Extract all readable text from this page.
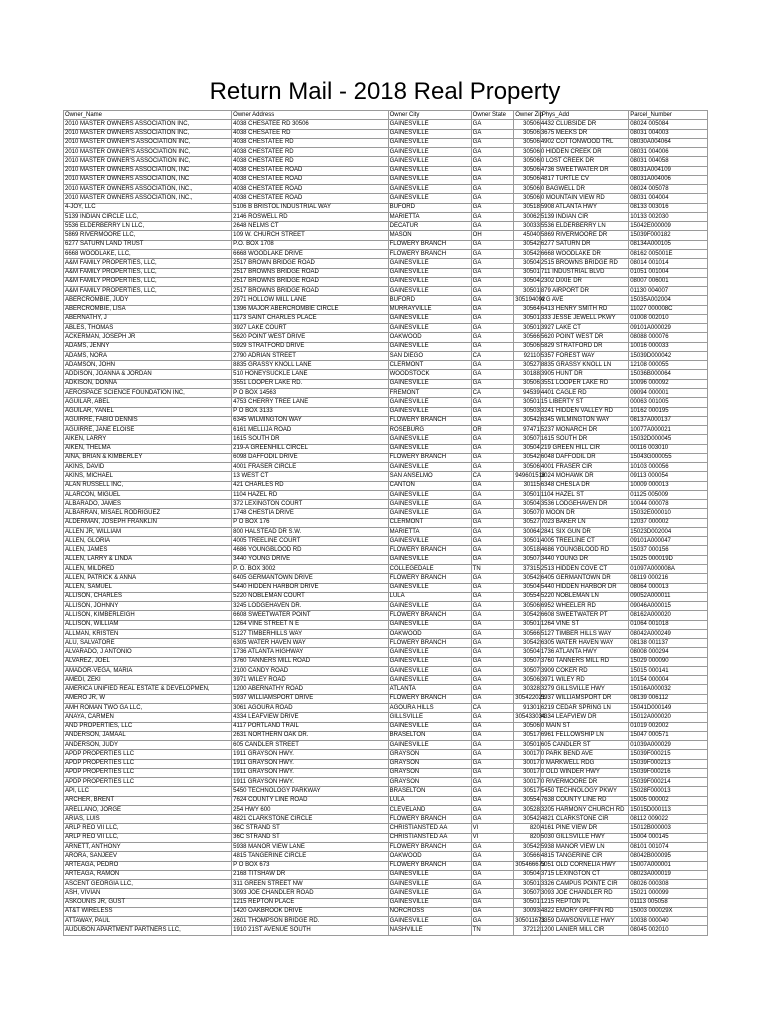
Return Mail - 2018 Real Property
Owner_Name	Owner Address	Owner City	Owner State	Owner Zip	Phys_Add	Parcel_Number
2010 MASTER OWNERS ASSOCIATION INC,	4038 CHESATEE RD 30506	GAINESVILLE	GA	30506	4432 CLUBSIDE DR	08024 005084
2010 MASTER OWNERS ASSOCIATION INC,	4038 CHESATEE RD	GAINESVILLE	GA	30506	3675 MEEKS DR	08031 004003
2010 MASTER OWNER'S ASSOCIATION INC,	4038 CHESTATEE RD	GAINESVILLE	GA	30506	4902 COTTONWOOD TRL	08030A004064
2010 MASTER OWNER'S ASSOCIATION INC,	4038 CHESTATEE RD	GAINESVILLE	GA	30506	0 HIDDEN CREEK DR	08031 004006
2010 MASTER OWNER'S ASSOCIATION INC,	4038 CHESTATEE RD	GAINESVILLE	GA	30506	0 LOST CREEK DR	08031 004058
2010 MASTER OWNERS ASSOCIATION, INC	4038 CHESTATEE ROAD	GAINESVILLE	GA	30506	4736 SWEETWATER DR	08031A004109
2010 MASTER OWNERS ASSOCIATION, INC	4038 CHESTATEE ROAD	GAINESVILLE	GA	30506	4817 TURTLE CV	08031A004006
2010 MASTER OWNERS ASSOCIATION, INC.,	4038 CHESTATEE ROAD	GAINESVILLE	GA	30506	0 BAGWELL DR	08024 005078
2010 MASTER OWNERS ASSOCIATION, INC.,	4038 CHESTATEE ROAD	GAINESVILLE	GA	30506	0 MOUNTAIN VIEW RD	08031 004004
4-JOY, LLC	5106 B BRISTOL INDUSTRIAL WAY	BUFORD	GA	30518	5908 ATLANTA HWY	08133 003016
5139 INDIAN CIRCLE LLC,	2146 ROSWELL RD	MARIETTA	GA	30062	5139 INDIAN CIR	10133 002030
5536 ELDERBERRY LN LLC,	2648 NELMS CT	DECATUR	GA	30033	5536 ELDERBERRY LN	15042E000009
5869 RIVERMOORE LLC,	109 W. CHURCH STREET	MASON	OH	45040	5869 RIVERMOORE DR	15039F000182
6277 SATURN LAND TRUST	P.O. BOX 1708	FLOWERY BRANCH	GA	30542	6277 SATURN DR	08134A000105
6668 WOODLAKE, LLC,	6668 WOODLAKE DRIVE	FLOWERY BRANCH	GA	30542	6668 WOODLAKE DR	08162 005001E
A&M FAMILY PROPERTIES, LLC,	2517 BROWN BRIDGE ROAD	GAINESVILLE	GA	30504	2515 BROWNS BRIDGE RD	08014 001014
A&M FAMILY PROPERTIES, LLC,	2517 BROWNS BRIDGE ROAD	GAINESVILLE	GA	30501	711 INDUSTRIAL BLVD	01051 001004
A&M FAMILY PROPERTIES, LLC,	2517 BROWNS BRIDGE ROAD	GAINESVILLE	GA	30504	2302 DIXIE DR	08007 006001
A&M FAMILY PROPERTIES, LLC,	2517 BROWNS BRIDGE ROAD	GAINESVILLE	GA	30501	879 AIRPORT DR	01130 004007
ABERCROMBIE, JUDY	2971 HOLLOW MILL LANE	BUFORD	GA	305194092	4 G AVE	15035A002004
ABERCROMBIE, LISA	1396 MAJOR ABERCROMBIE CIRCLE	MURRAYVILLE	GA	30564	6413 HENRY SMITH RD	11027 000008C
ABERNATHY, J	1173 SAINT CHARLES PLACE	GAINESVILLE	GA	30501	333 JESSE JEWELL PKWY	01008 002010
ABLES, THOMAS	3927 LAKE COURT	GAINESVILLE	GA	30501	3927 LAKE CT	09101A000029
ACKERMAN, JOSEPH JR	5620 POINT WEST DRIVE	OAKWOOD	GA	30566	5620 POINT WEST DR	08088 000076
ADAMS, JENNY	5929 STRATFORD DRIVE	GAINESVILLE	GA	30506	5829 STRATFORD DR	10016 000033
ADAMS, NORA	2790 ADRIAN STREET	SAN DIEGO	CA	92110	5357 FOREST WAY	15039D000042
ADAMSON, JOHN	8835 GRASSY KNOLL LANE	CLERMONT	GA	30527	8835 GRASSY KNOLL LN	12108 000055
ADDISON, JOANNA & JORDAN	510 HONEYSUCKLE LANE	WOODSTOCK	GA	30188	3905 HUNT DR	15036B000064
ADKISON, DONNA	3551 LOOPER LAKE RD.	GAINESVILLE	GA	30506	3551 LOOPER LAKE RD	10096 000092
AEROSPACE SCIENCE FOUNDATION INC,	P O BOX 14563	FREMONT	CA	94539	4401 CAGLE RD	09094 000001
AGUILAR, ABEL	4753 CHERRY TREE LANE	GAINESVILLE	GA	30501	15 LIBERTY ST	00063 001005
AGUILAR, YANEL	P O BOX 3133	GAINESVILLE	GA	30503	3241 HIDDEN VALLEY RD	10162 000195
AGUIRRE, FABIO DENNIS	6345 WILMINGTON WAY	FLOWERY BRANCH	GA	30542	6345 WILMINGTON WAY	08137A000137
AGUIRRE, JANE ELOISE	6161 MELLIJA ROAD	ROSEBURG	OR	97471	5237 MONARCH DR	10077A000021
AIKEN, LARRY	1615 SOUTH DR	GAINESVILLE	GA	30507	1615 SOUTH DR	15032D000045
AIKEN, THELMA	219-A GREENHILL CIRCEL	GAINESVILLE	GA	30504	219 GREEN HILL CIR	00116 003010
AINA, BRIAN & KIMBERLEY	6098 DAFFODIL DRIVE	FLOWERY BRANCH	GA	30542	6048 DAFFODIL DR	15043G000055
AKINS, DAVID	4001 FRASER CIRCLE	GAINESVILLE	GA	30506	4001 FRASER CIR	10103 000056
AKINS, MICHAEL	13 WEST CT	SAN ANSELMO	CA	949601518	3024 MOHAWK DR	09113 000054
ALAN RUSSELL INC,	421 CHARLES RD	CANTON	GA	30115	6348 CHESLA DR	10009 000013
ALARCON, MIGUEL	1104 HAZEL RD	GAINESVILLE	GA	30501	1104 HAZEL ST	01125 005009
ALBARADO, JAMES	372 LEXINGTON COURT	GAINESVILLE	GA	30504	3536 LODGEHAVEN DR	10044 000078
ALBARRAN, MISAEL RODRIGUEZ	1748 CHESTIA DRIVE	GAINESVILLE	GA	30507	0 MOON DR	15032E000010
ALDERMAN, JOSEPH FRANKLIN	P O BOX 176	CLERMONT	GA	30527	7023 BAKER LN	12037 000002
ALLEN JR, WILLIAM	800 HALSTEAD DR S.W.	MARIETTA	GA	30064	2841 SIX GUN DR	15023D002004
ALLEN, GLORIA	4005 TREELINE COURT	GAINESVILLE	GA	30501	4005 TREELINE CT	09101A000047
ALLEN, JAMES	4686 YOUNGBLOOD RD	FLOWERY BRANCH	GA	30518	4686 YOUNGBLOOD RD	15037 000156
ALLEN, LARRY & LINDA	3440 YOUNG DRIVE	GAINESVILLE	GA	30507	3440 YOUNG DR	15025 000019D
ALLEN, MILDRED	P. O. BOX 3002	COLLEGEDALE	TN	37315	2513 HIDDEN COVE CT	01097A000008A
ALLEN, PATRICK & ANNA	6405 GERMANTOWN DRIVE	FLOWERY BRANCH	GA	30542	6405 GERMANTOWN DR	08119 000216
ALLEN, SAMUEL	5440 HIDDEN HARBOR DRIVE	GAINESVILLE	GA	30504	5440 HIDDEN HARBOR DR	08064 000013
ALLISON, CHARLES	5220 NOBLEMAN COURT	LULA	GA	30554	5220 NOBLEMAN LN	09052A000011
ALLISON, JOHNNY	3245 LODGEHAVEN DR.	GAINESVILLE	GA	30506	6952 WHEELER RD	09046A000015
ALLISON, KIMBERLEIGH	6608 SWEETWATER POINT	FLOWERY BRANCH	GA	30542	6608 SWEETWATER PT	08162A000020
ALLISON, WILLIAM	1264 VINE STREET N E	GAINESVILLE	GA	30501	1264 VINE ST	01064 001018
ALLMAN, KRISTEN	5127 TIMBERHILLS WAY	OAKWOOD	GA	30566	5127 TIMBER HILLS WAY	08042A000249
ALU, SALVATORE	6305 WATER HAVEN WAY	FLOWERY BRANCH	GA	30542	6305 WATER HAVEN WAY	08138 001137
ALVARADO, J ANTONIO	1736 ATLANTA HIGHWAY	GAINESVILLE	GA	30504	1736 ATLANTA HWY	08008 000294
ALVAREZ, JOEL	3760 TANNERS MILL ROAD	GAINESVILLE	GA	30507	3760 TANNERS MILL RD	15029 000090
AMADOR-VEGA, MARIA	2100 CANDY ROAD	GAINESVILLE	GA	30507	3909 COKER RD	15015 000141
AMEDI, ZEKI	3971 WILEY ROAD	GAINESVILLE	GA	30506	3971 WILEY RD	10154 000004
AMERICA UNIFIED REAL ESTATE & DEVELOPMEN,	1200 ABERNATHY ROAD	ATLANTA	GA	30328	3279 GILLSVILLE HWY	15016A000032
AMERO JR, W	5937 WILLIAMSPORT DRIVE	FLOWERY BRANCH	GA	305422021	5937 WILLIAMSPORT DR	08139 006112
AMH ROMAN TWO GA LLC,	3061 AGOURA ROAD	AGOURA HILLS	CA	91301	6219 CEDAR SPRING LN	15041D000149
ANAYA, CARMEN	4334 LEAFVIEW DRIVE	GILLSVILLE	GA	305433034	4334 LEAFVIEW DR	15012A000020
AND PROPERTIES, LLC	4117 PORTLAND TRAIL	GAINESVILLE	GA	30506	0 MAIN ST	01019 002002
ANDERSON, JAMAAL	2631 NORTHERN OAK DR.	BRASELTON	GA	30517	6961 FELLOWSHIP LN	15047 000571
ANDERSON, JUDY	605 CANDLER STREET	GAINESVILLE	GA	30501	605 CANDLER ST	01039A000029
APDP PROPERTIES LLC	1911 GRAYSON HWY.	GRAYSON	GA	30017	0 PARK BEND AVE	15039F000215
APDP PROPERTIES LLC	1911 GRAYSON HWY.	GRAYSON	GA	30017	0 MARKWELL RDG	15039F000213
APDP PROPERTIES LLC	1911 GRAYSON HWY.	GRAYSON	GA	30017	0 OLD WINDER HWY	15039F000216
APDP PROPERTIES LLC	1911 GRAYSON HWY.	GRAYSON	GA	30017	0 RIVERMOORE DR	15039F000214
API, LLC	5450 TECHNOLOGY PARKWAY	BRASELTON	GA	30517	5450 TECHNOLOGY PKWY	15028F000013
ARCHER, BRENT	7624 COUNTY LINE ROAD	LULA	GA	30554	7638 COUNTY LINE RD	15005 000002
ARELLANO, JORGE	254 HWY 600	CLEVELAND	GA	30528	3205 HARMONY CHURCH RD	15015D000113
ARIAS, LUIS	4821 CLARKSTONE CIRCLE	FLOWERY BRANCH	GA	30542	4821 CLARKSTONE CIR	08112 009022
ARLP REO VII LLC,	36C STRAND ST	CHRISTIANSTED AA	VI	820	4161 PINE VIEW DR	15012B000003
ARLP REO VII LLC,	36C STRAND ST	CHRISTIANSTED AA	VI	820	5030 GILLSVILLE HWY	15004 000145
ARNETT, ANTHONY	5938 MANOR VIEW LANE	FLOWERY BRANCH	GA	30542	5938 MANOR VIEW LN	08101 001074
ARORA, SANJEEV	4815 TANGERINE CIRCLE	OAKWOOD	GA	30566	4815 TANGERINE CIR	08042B000095
ARTEAGA, PEDRO	P O BOX 673	FLOWERY BRANCH	GA	305466673	5051 OLD CORNELIA HWY	15007A000001
ARTEAGA, RAMON	2168 TITSHAW DR	GAINESVILLE	GA	30504	3715 LEXINGTON CT	08023A000019
ASCENT GEORGIA LLC,	311 GREEN STREET NW	GAINESVILLE	GA	30501	3326 CAMPUS POINTE CIR	08026 000308
ASH, VIVIAN	3093 JOE CHANDLER ROAD	GAINESVILLE	GA	30507	3093 JOE CHANDLER RD	15021 000099
ASKOUNIS JR, GUST	1215 REPTON PLACE	GAINESVILLE	GA	30501	1215 REPTON PL	01113 005058
AT&T WIRELESS	1420 OAKBROOK DRIVE	NORCROSS	GA	30093	4822 EMORY GRIFFIN RD	15003 000029X
ATTAWAY, PAUL	2601 THOMPSON BRIDGE RD.	GAINESVILLE	GA	305011673	3359 DAWSONVILLE HWY	10038 000040
AUDUBON APARTMENT PARTNERS LLC,	1910 21ST AVENUE SOUTH	NASHVILLE	TN	37212	1200 LANIER MILL CIR	08045 002010
